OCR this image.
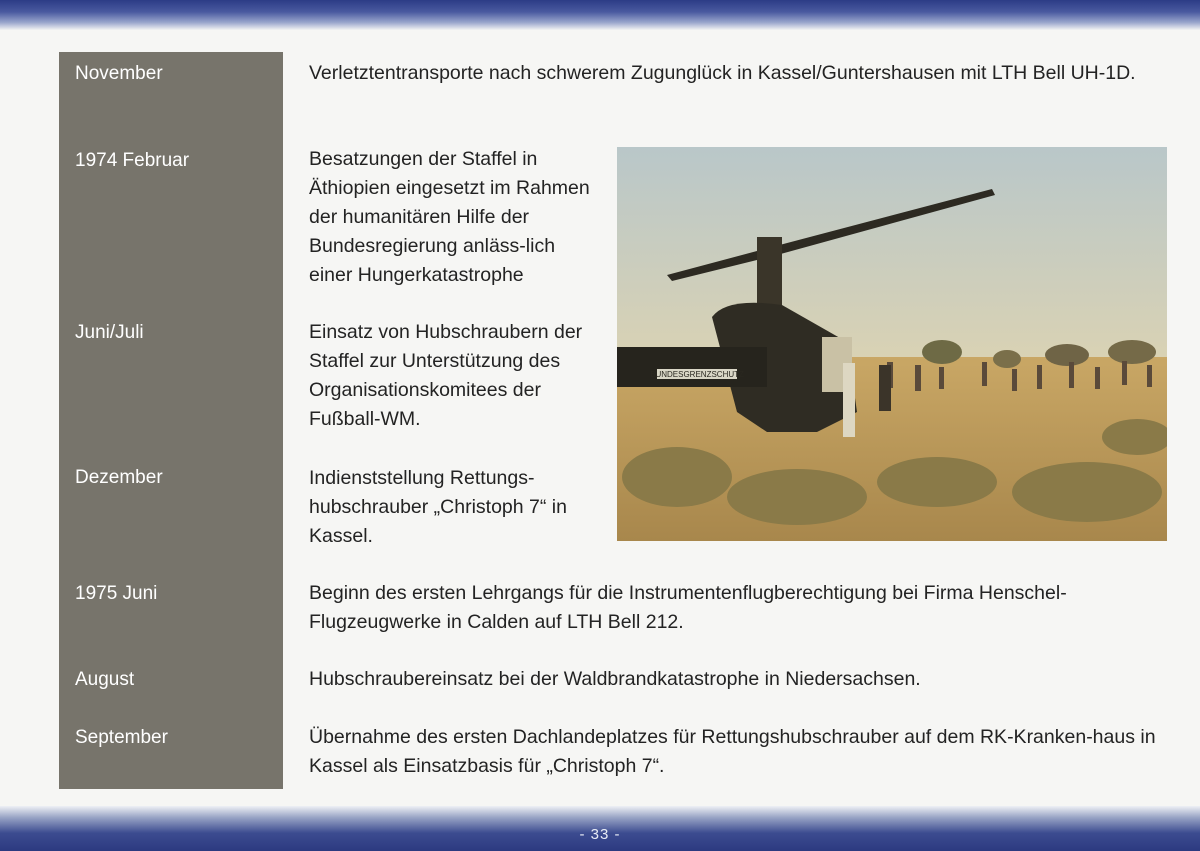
November
1974 Februar
Juni/Juli
Dezember
1975 Juni
August
September
Verletztentransporte nach schwerem Zugunglück in Kassel/Guntershausen mit LTH Bell UH-1D.
Besatzungen der Staffel in Äthiopien eingesetzt im Rahmen der humanitären Hilfe der Bundesregierung anläss-lich einer Hungerkatastrophe
Einsatz von Hubschraubern der Staffel zur Unterstützung des Organisationskomitees der Fußball-WM.
Indienststellung Rettungs-hubschrauber „Christoph 7“ in Kassel.
Beginn des ersten Lehrgangs für die Instrumentenflugberechtigung bei Firma Henschel-Flugzeugwerke in Calden auf LTH Bell 212.
Hubschraubereinsatz bei der Waldbrandkatastrophe in Niedersachsen.
Übernahme des ersten Dachlandeplatzes für Rettungshubschrauber auf dem RK-Kranken-haus in Kassel als Einsatzbasis für „Christoph 7“.
BUNDESGRENZSCHUTZ
- 33 -
